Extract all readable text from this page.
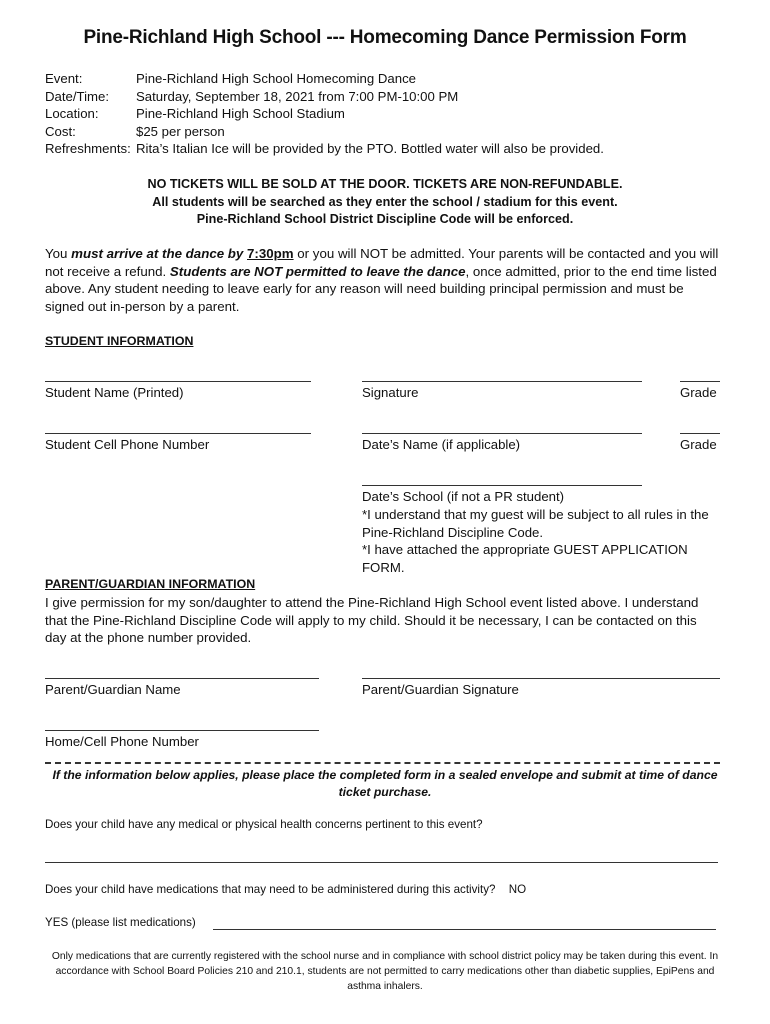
Pine-Richland High School --- Homecoming Dance Permission Form
Event:	Pine-Richland High School Homecoming Dance
Date/Time:	Saturday, September 18, 2021 from 7:00 PM-10:00 PM
Location:	Pine-Richland High School Stadium
Cost:	$25 per person
Refreshments: Rita’s Italian Ice will be provided by the PTO. Bottled water will also be provided.
NO TICKETS WILL BE SOLD AT THE DOOR. TICKETS ARE NON-REFUNDABLE.
All students will be searched as they enter the school / stadium for this event.
Pine-Richland School District Discipline Code will be enforced.
You must arrive at the dance by 7:30pm or you will NOT be admitted. Your parents will be contacted and you will not receive a refund. Students are NOT permitted to leave the dance, once admitted, prior to the end time listed above. Any student needing to leave early for any reason will need building principal permission and must be signed out in-person by a parent.
STUDENT INFORMATION
Student Name (Printed)	Signature	Grade
Student Cell Phone Number	Date’s Name (if applicable)	Grade
Date’s School (if not a PR student)
*I understand that my guest will be subject to all rules in the Pine-Richland Discipline Code.
*I have attached the appropriate GUEST APPLICATION FORM.
PARENT/GUARDIAN INFORMATION
I give permission for my son/daughter to attend the Pine-Richland High School event listed above. I understand that the Pine-Richland Discipline Code will apply to my child. Should it be necessary, I can be contacted on this day at the phone number provided.
Parent/Guardian Name	Parent/Guardian Signature
Home/Cell Phone Number
If the information below applies, please place the completed form in a sealed envelope and submit at time of dance ticket purchase.
Does your child have any medical or physical health concerns pertinent to this event?
Does your child have medications that may need to be administered during this activity? NO
YES (please list medications)
Only medications that are currently registered with the school nurse and in compliance with school district policy may be taken during this event. In accordance with School Board Policies 210 and 210.1, students are not permitted to carry medications other than diabetic supplies, EpiPens and asthma inhalers.
